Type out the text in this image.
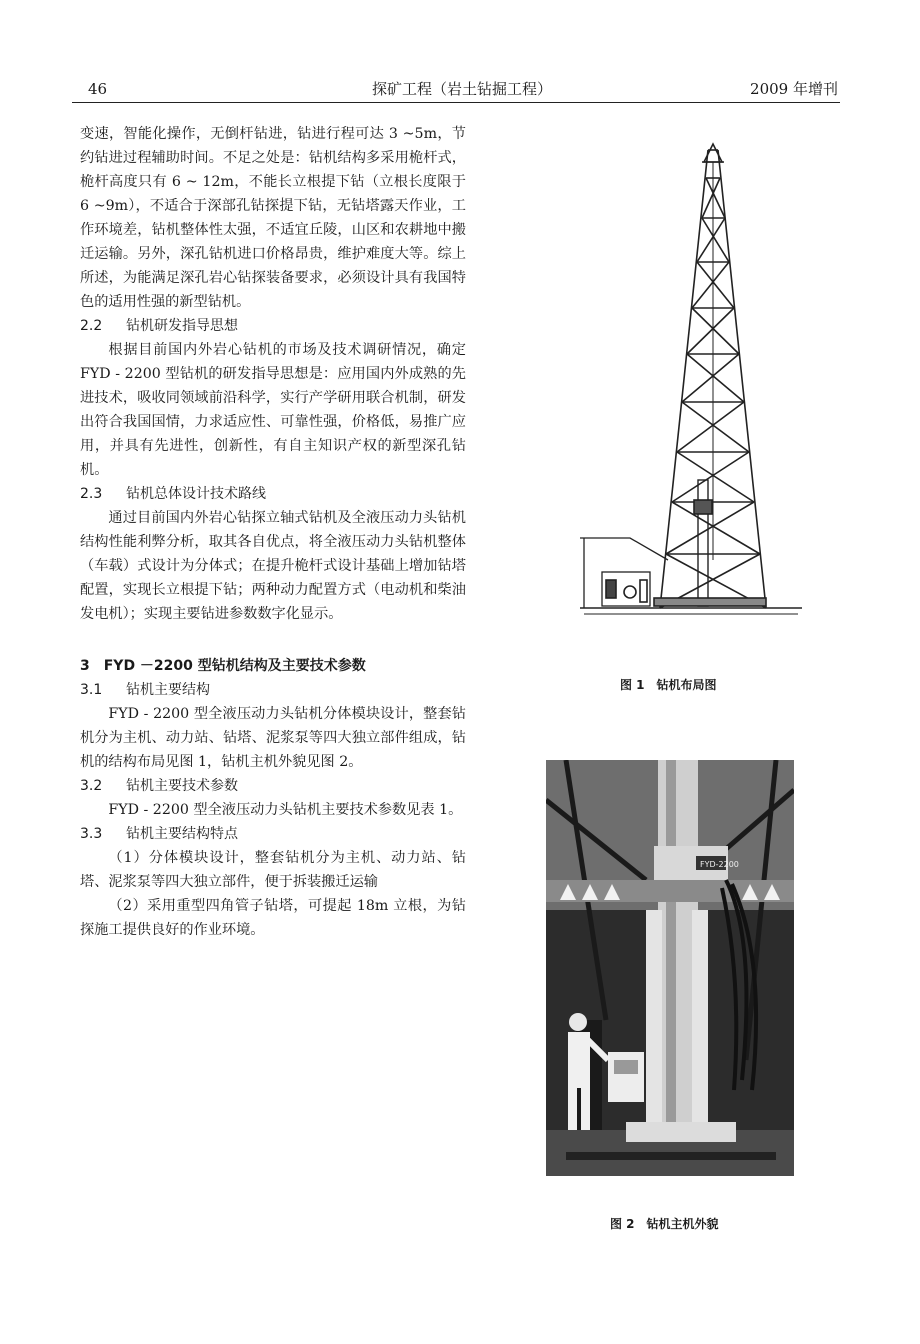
46	探矿工程（岩土钻掘工程）	2009 年增刊

变速，智能化操作，无倒杆钻进，钻进行程可达 3 ~5m，节约钻进过程辅助时间。不足之处是：钻机结构多采用桅杆式，桅杆高度只有 6 ~ 12m，不能长立根提下钻（立根长度限于 6 ~9m），不适合于深部孔钻探提下钻，无钻塔露天作业，工作环境差，钻机整体性太强，不适宜丘陵，山区和农耕地中搬迁运输。另外，深孔钻机进口价格昂贵，维护难度大等。综上所述，为能满足深孔岩心钻探装备要求，必须设计具有我国特色的适用性强的新型钻机。

2.2 钻机研发指导思想

根据目前国内外岩心钻机的市场及技术调研情况，确定 FYD - 2200 型钻机的研发指导思想是：应用国内外成熟的先进技术，吸收同领域前沿科学，实行产学研用联合机制，研发出符合我国国情，力求适应性、可靠性强，价格低，易推广应用，并具有先进性，创新性，有自主知识产权的新型深孔钻机。

2.3 钻机总体设计技术路线

通过目前国内外岩心钻探立轴式钻机及全液压动力头钻机结构性能利弊分析，取其各自优点，将全液压动力头钻机整体（车载）式设计为分体式；在提升桅杆式设计基础上增加钻塔配置，实现长立根提下钻；两种动力配置方式（电动机和柴油发电机）；实现主要钻进参数数字化显示。

3　FYD －2200 型钻机结构及主要技术参数
3.1 钻机主要结构

FYD - 2200 型全液压动力头钻机分体模块设计，整套钻机分为主机、动力站、钻塔、泥浆泵等四大独立部件组成，钻机的结构布局见图 1，钻机主机外貌见图 2。

3.2 钻机主要技术参数

FYD - 2200 型全液压动力头钻机主要技术参数见表 1。

3.3 钻机主要结构特点

（1）分体模块设计，整套钻机分为主机、动力站、钻塔、泥浆泵等四大独立部件，便于拆装搬迁运输

（2）采用重型四角管子钻塔，可提起 18m 立根，为钻探施工提供良好的作业环境。

图 1　钻机布局图
FYD-2200
图 2　钻机主机外貌
